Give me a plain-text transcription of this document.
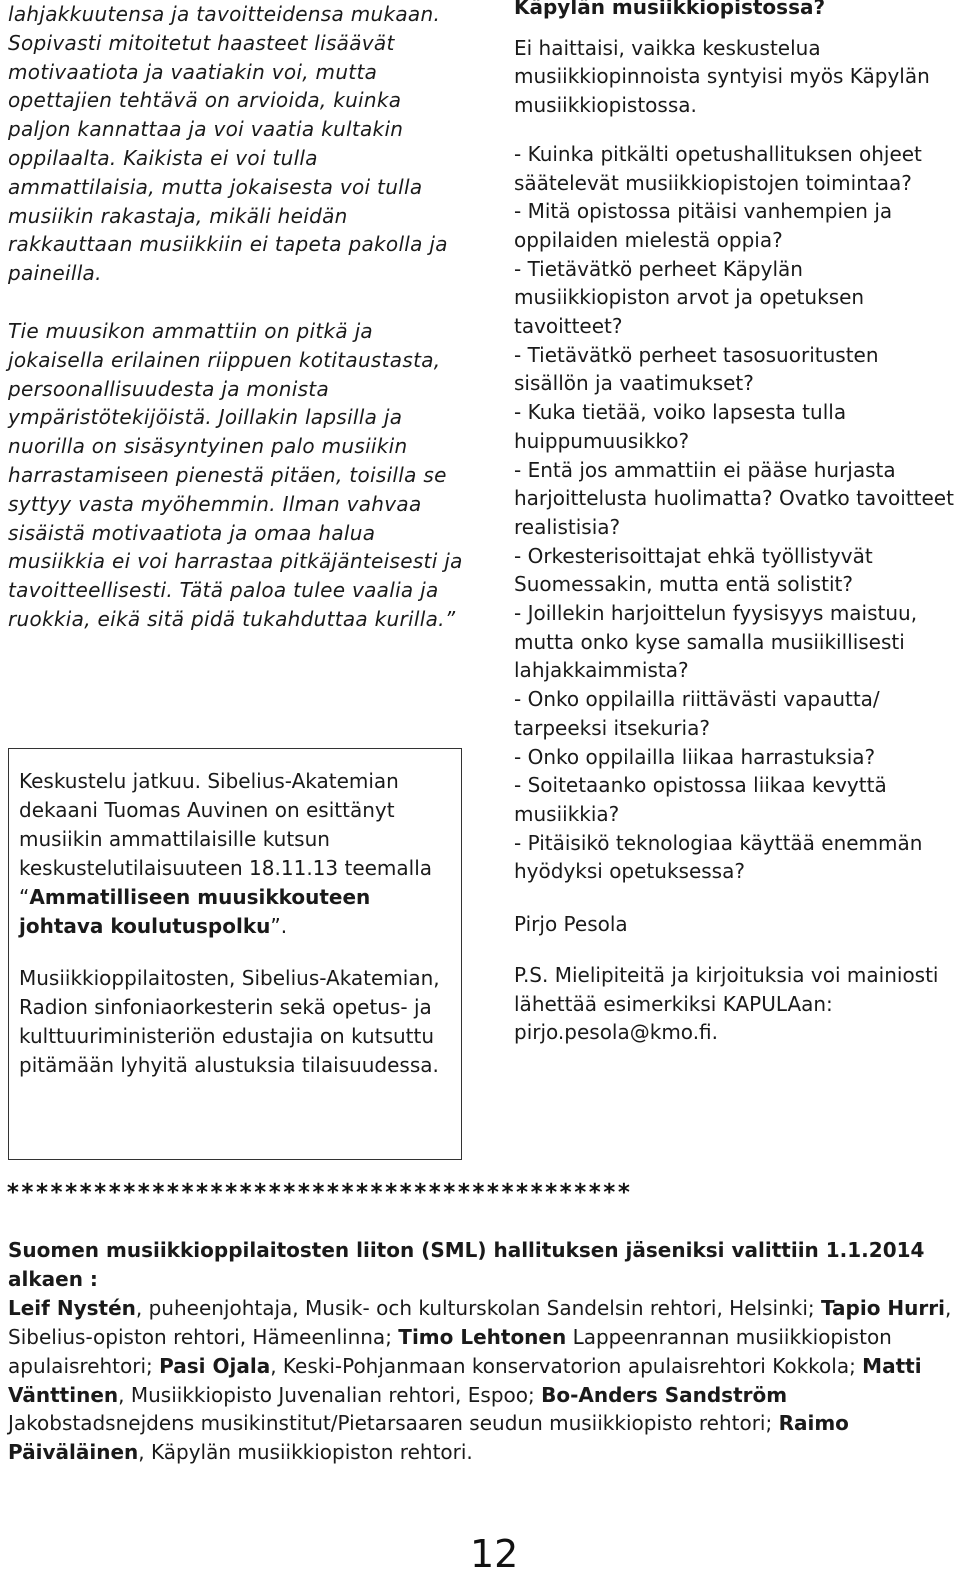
lahjakkuutensa ja tavoitteidensa mukaan. Sopivasti mitoitetut haasteet lisäävät motivaatiota ja vaatiakin voi, mutta opettajien tehtävä on arvioida, kuinka paljon kannattaa ja voi vaatia kultakin oppilaalta. Kaikista ei voi tulla ammattilaisia, mutta jokaisesta voi tulla musiikin rakastaja, mikäli heidän rakkauttaan musiikkiin ei tapeta pakolla ja paineilla.

Tie muusikon ammattiin on pitkä ja jokaisella erilainen riippuen kotitaustasta, persoonallisuudesta ja monista ympäristötekijöistä. Joillakin lapsilla ja nuorilla on sisäsyntyinen palo musiikin harrastamiseen pienestä pitäen, toisilla se syttyy vasta myöhemmin. Ilman vahvaa sisäistä motivaatiota ja omaa halua musiikkia ei voi harrastaa pitkäjänteisesti ja tavoitteellisesti. Tätä paloa tulee vaalia ja ruokkia, eikä sitä pidä tukahduttaa kurilla.”

Keskustelu jatkuu. Sibelius-Akatemian dekaani Tuomas Auvinen on esittänyt musiikin ammattilaisille kutsun keskustelutilaisuuteen 18.11.13 teemalla “Ammatilliseen muusikkouteen johtava koulutuspolku”.

Musiikkioppilaitosten, Sibelius-Akatemian, Radion sinfoniaorkesterin sekä opetus- ja kulttuuriministeriön edustajia on kutsuttu pitämään lyhyitä alustuksia tilaisuudessa.

Käpylän musiikkiopistossa?

Ei haittaisi, vaikka keskustelua musiikkiopinnoista syntyisi myös Käpylän musiikkiopistossa.

- Kuinka pitkälti opetushallituksen ohjeet säätelevät musiikkiopistojen toimintaa?

- Mitä opistossa pitäisi vanhempien ja oppilaiden mielestä oppia?

- Tietävätkö perheet Käpylän musiikkiopiston arvot ja opetuksen tavoitteet?

- Tietävätkö perheet tasosuoritusten sisällön ja vaatimukset?

- Kuka tietää, voiko lapsesta tulla huippumuusikko?

- Entä jos ammattiin ei pääse hurjasta harjoittelusta huolimatta? Ovatko tavoitteet realistisia?

- Orkesterisoittajat ehkä työllistyvät Suomessakin, mutta entä solistit?

- Joillekin harjoittelun fyysisyys maistuu, mutta onko kyse samalla musiikillisesti lahjakkaimmista?

- Onko oppilailla riittävästi vapautta/ tarpeeksi itsekuria?

- Onko oppilailla liikaa harrastuksia?

- Soitetaanko opistossa liikaa kevyttä musiikkia?

- Pitäisikö teknologiaa käyttää enemmän hyödyksi opetuksessa?

Pirjo Pesola

P.S. Mielipiteitä ja kirjoituksia voi mainiosti lähettää esimerkiksi KAPULAan: pirjo.pesola@kmo.fi.

*******************************************

Suomen musiikkioppilaitosten liiton (SML) hallituksen jäseniksi valittiin 1.1.2014 alkaen :

Leif Nystén, puheenjohtaja, Musik- och kulturskolan Sandelsin rehtori, Helsinki; Tapio Hurri, Sibelius-opiston rehtori, Hämeenlinna; Timo Lehtonen Lappeenrannan musiikkiopiston apulaisrehtori; Pasi Ojala, Keski-Pohjanmaan konservatorion apulaisrehtori Kokkola; Matti Vänttinen, Musiikkiopisto Juvenalian rehtori, Espoo; Bo-Anders Sandström Jakobstadsnejdens musikinstitut/Pietarsaaren seudun musiikkiopisto rehtori; Raimo Päiväläinen, Käpylän musiikkiopiston rehtori.

12
